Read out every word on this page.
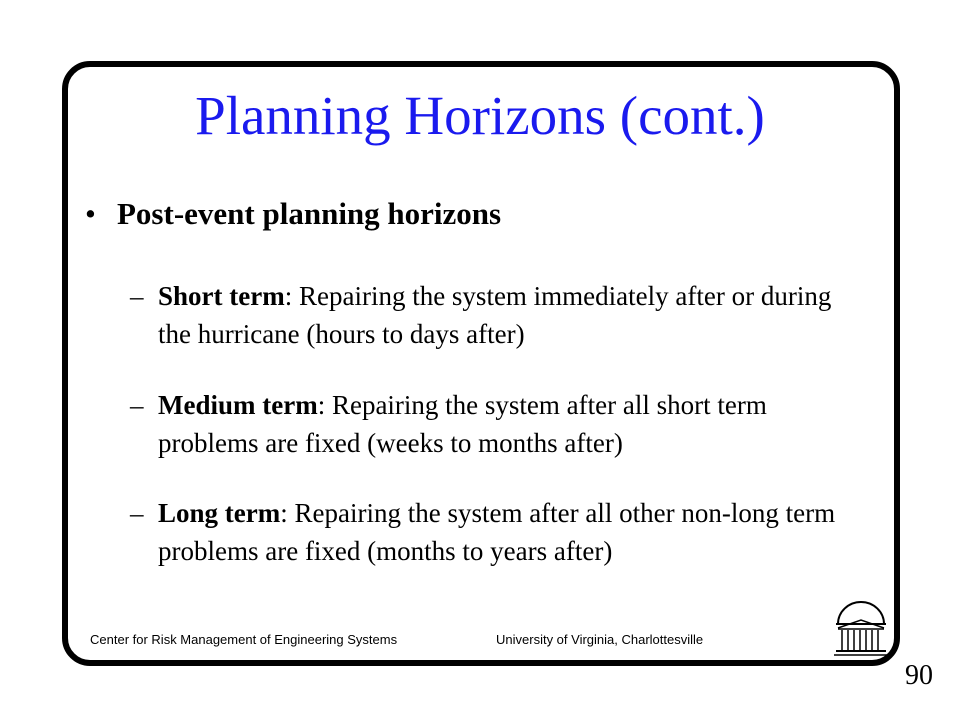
Planning Horizons (cont.)
• Post-event planning horizons
– Short term: Repairing the system immediately after or during the hurricane (hours to days after)
– Medium term: Repairing the system after all short term problems are fixed (weeks to months after)
– Long term: Repairing the system after all other non-long term problems are fixed (months to years after)
Center for Risk Management of Engineering Systems	University of Virginia, Charlottesville
90
